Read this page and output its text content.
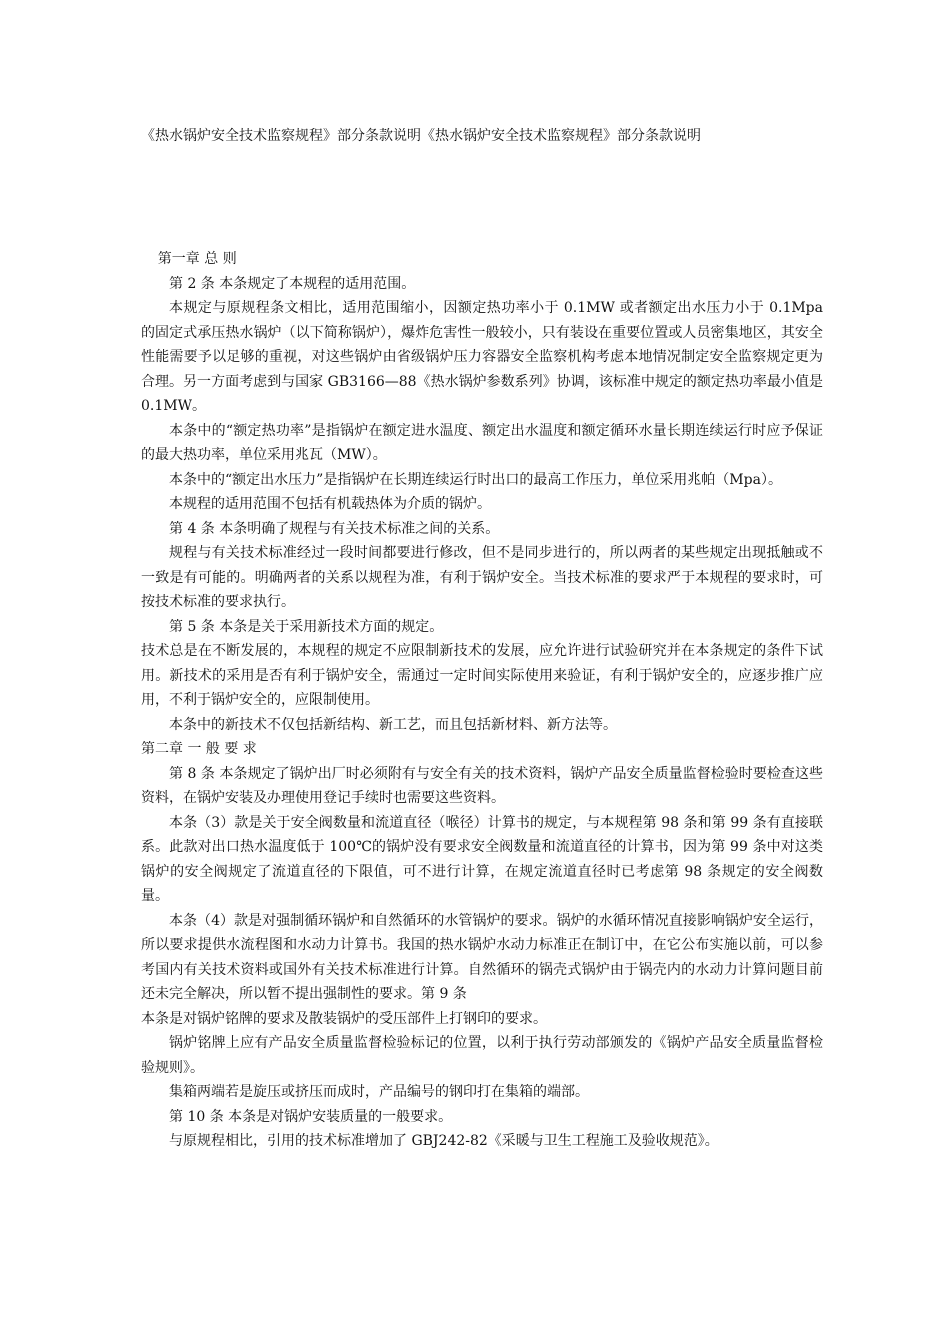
《热水锅炉安全技术监察规程》部分条款说明《热水锅炉安全技术监察规程》部分条款说明

第一章 总 则

第 2 条 本条规定了本规程的适用范围。

本规定与原规程条文相比，适用范围缩小，因额定热功率小于 0.1MW 或者额定出水压力小于 0.1Mpa 的固定式承压热水锅炉（以下简称锅炉），爆炸危害性一般较小，只有装设在重要位置或人员密集地区，其安全性能需要予以足够的重视，对这些锅炉由省级锅炉压力容器安全监察机构考虑本地情况制定安全监察规定更为合理。另一方面考虑到与国家 GB3166—88《热水锅炉参数系列》协调，该标准中规定的额定热功率最小值是 0.1MW。

本条中的“额定热功率”是指锅炉在额定进水温度、额定出水温度和额定循环水量长期连续运行时应予保证的最大热功率，单位采用兆瓦（MW）。

本条中的“额定出水压力”是指锅炉在长期连续运行时出口的最高工作压力，单位采用兆帕（Mpa）。

本规程的适用范围不包括有机载热体为介质的锅炉。

第 4 条 本条明确了规程与有关技术标准之间的关系。

规程与有关技术标准经过一段时间都要进行修改，但不是同步进行的，所以两者的某些规定出现抵触或不一致是有可能的。明确两者的关系以规程为准，有利于锅炉安全。当技术标准的要求严于本规程的要求时，可按技术标准的要求执行。

第 5 条 本条是关于采用新技术方面的规定。

技术总是在不断发展的，本规程的规定不应限制新技术的发展，应允许进行试验研究并在本条规定的条件下试用。新技术的采用是否有利于锅炉安全，需通过一定时间实际使用来验证，有利于锅炉安全的，应逐步推广应用，不利于锅炉安全的，应限制使用。

本条中的新技术不仅包括新结构、新工艺，而且包括新材料、新方法等。

第二章 一 般 要 求

第 8 条 本条规定了锅炉出厂时必须附有与安全有关的技术资料，锅炉产品安全质量监督检验时要检查这些资料，在锅炉安装及办理使用登记手续时也需要这些资料。

本条（3）款是关于安全阀数量和流道直径（喉径）计算书的规定，与本规程第 98 条和第 99 条有直接联系。此款对出口热水温度低于 100℃的锅炉没有要求安全阀数量和流道直径的计算书，因为第 99 条中对这类锅炉的安全阀规定了流道直径的下限值，可不进行计算，在规定流道直径时已考虑第 98 条规定的安全阀数量。

本条（4）款是对强制循环锅炉和自然循环的水管锅炉的要求。锅炉的水循环情况直接影响锅炉安全运行，所以要求提供水流程图和水动力计算书。我国的热水锅炉水动力标准正在制订中，在它公布实施以前，可以参考国内有关技术资料或国外有关技术标准进行计算。自然循环的锅壳式锅炉由于锅壳内的水动力计算问题目前还未完全解决，所以暂不提出强制性的要求。第 9 条

本条是对锅炉铭牌的要求及散装锅炉的受压部件上打钢印的要求。

锅炉铭牌上应有产品安全质量监督检验标记的位置，以利于执行劳动部颁发的《锅炉产品安全质量监督检验规则》。

集箱两端若是旋压或挤压而成时，产品编号的钢印打在集箱的端部。

第 10 条 本条是对锅炉安装质量的一般要求。

与原规程相比，引用的技术标准增加了 GBJ242-82《采暖与卫生工程施工及验收规范》。
